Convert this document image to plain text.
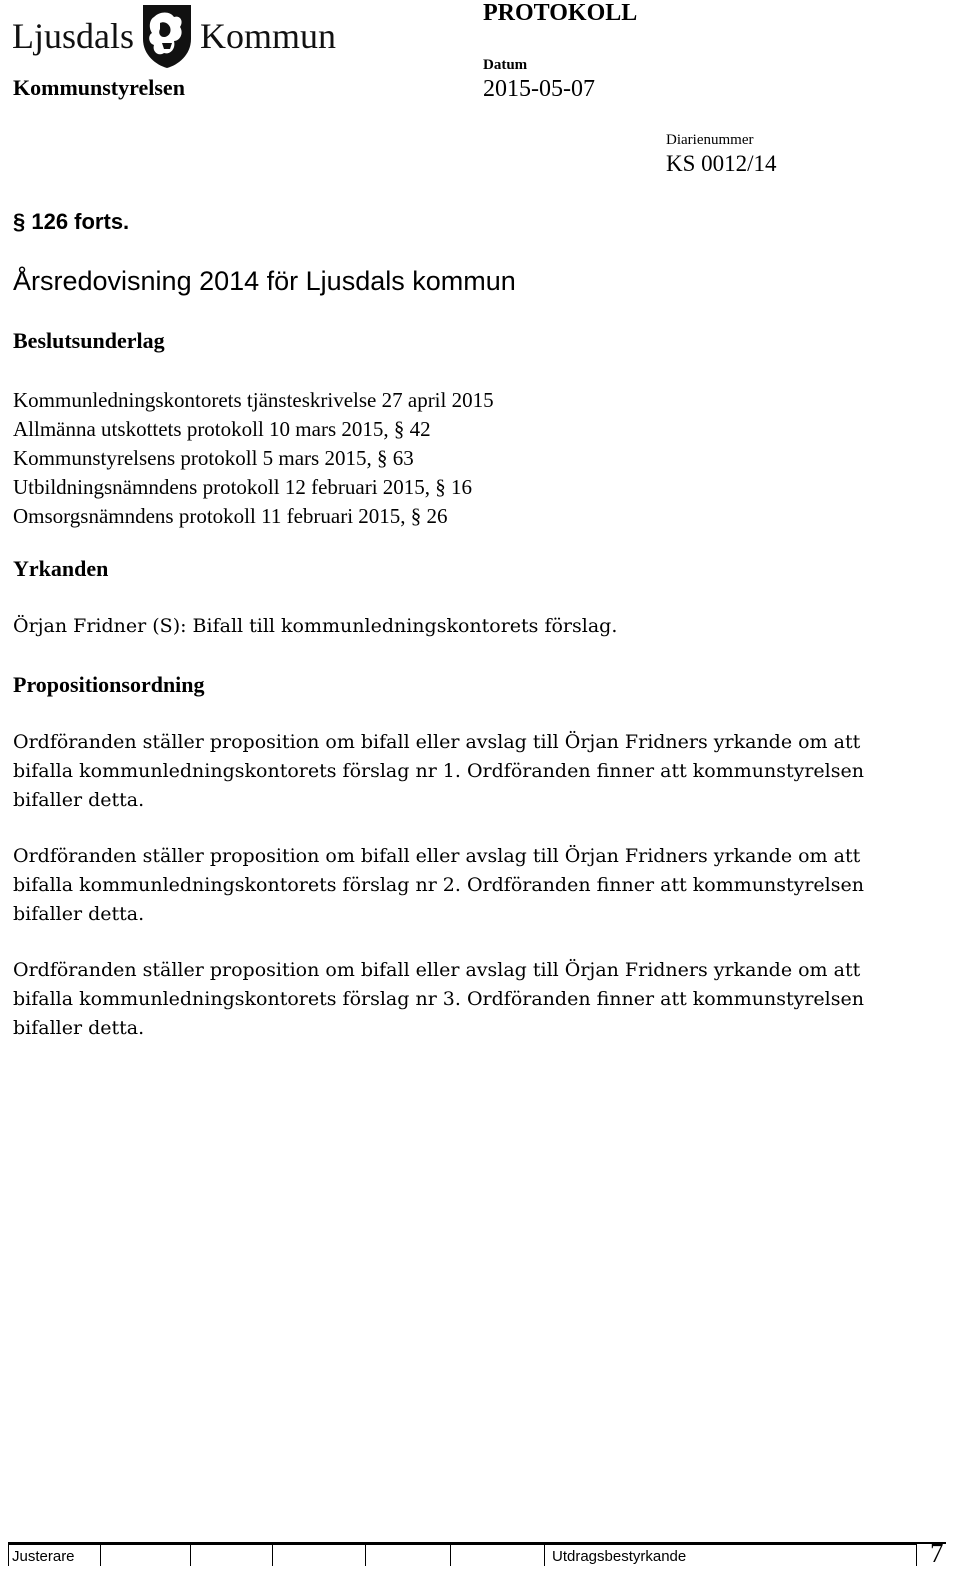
Ljusdals Kommun
PROTOKOLL
Kommunstyrelsen
Datum
2015-05-07
Diarienummer
KS 0012/14
§ 126 forts.
Årsredovisning 2014 för Ljusdals kommun
Beslutsunderlag
Kommunledningskontorets tjänsteskrivelse 27 april 2015
Allmänna utskottets protokoll 10 mars 2015, § 42
Kommunstyrelsens protokoll 5 mars 2015, § 63
Utbildningsnämndens protokoll 12 februari 2015, § 16
Omsorgsnämndens protokoll 11 februari 2015, § 26
Yrkanden
Örjan Fridner (S): Bifall till kommunledningskontorets förslag.
Propositionsordning
Ordföranden ställer proposition om bifall eller avslag till Örjan Fridners yrkande om att
bifalla kommunledningskontorets förslag nr 1. Ordföranden finner att kommunstyrelsen
bifaller detta.
Ordföranden ställer proposition om bifall eller avslag till Örjan Fridners yrkande om att
bifalla kommunledningskontorets förslag nr 2. Ordföranden finner att kommunstyrelsen
bifaller detta.
Ordföranden ställer proposition om bifall eller avslag till Örjan Fridners yrkande om att
bifalla kommunledningskontorets förslag nr 3. Ordföranden finner att kommunstyrelsen
bifaller detta.
Justerare	Utdragsbestyrkande	7
